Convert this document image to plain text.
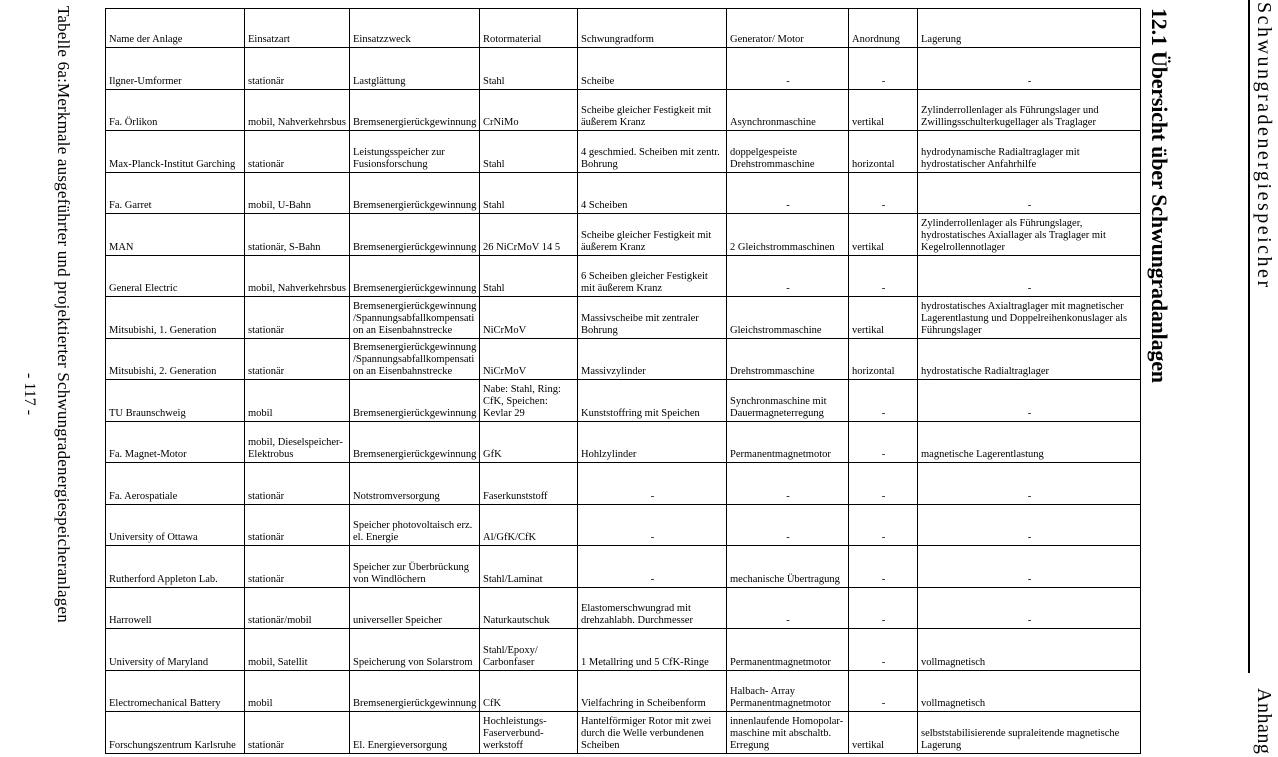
Name der Anlage	Einsatzart	Einsatzzweck	Rotormaterial	Schwungradform	Generator/ Motor	Anordnung	Lagerung
Ilgner-Umformer	stationär	Lastglättung	Stahl	Scheibe	-	-	-
Fa. Örlikon	mobil, Nahverkehrsbus	Bremsenergierückgewinnung	CrNiMo	Scheibe gleicher Festigkeit mit äußerem Kranz	Asynchronmaschine	vertikal	Zylinderrollenlager als Führungslager und Zwillingsschulterkugellager als Traglager
Max-Planck-Institut Garching	stationär	Leistungsspeicher zur Fusionsforschung	Stahl	4 geschmied. Scheiben mit zentr. Bohrung	doppelgespeiste Drehstrommaschine	horizontal	hydrodynamische Radialtraglager mit hydrostatischer Anfahrhilfe
Fa. Garret	mobil, U-Bahn	Bremsenergierückgewinnung	Stahl	4 Scheiben	-	-	-
MAN	stationär, S-Bahn	Bremsenergierückgewinnung	26 NiCrMoV 14 5	Scheibe gleicher Festigkeit mit äußerem Kranz	2 Gleichstrommaschinen	vertikal	Zylinderrollenlager als Führungslager, hydrostatisches Axiallager als Traglager mit Kegelrollennotlager
General Electric	mobil, Nahverkehrsbus	Bremsenergierückgewinnung	Stahl	6 Scheiben gleicher Festigkeit mit äußerem Kranz	-	-	-
Mitsubishi, 1. Generation	stationär	Bremsenergierückgewinnung/Spannungsabfallkompensation an Eisenbahnstrecke	NiCrMoV	Massivscheibe mit zentraler Bohrung	Gleichstrommaschine	vertikal	hydrostatisches Axialtraglager mit magnetischer Lagerentlastung und Doppelreihenkonuslager als Führungslager
Mitsubishi, 2. Generation	stationär	Bremsenergierückgewinnung/Spannungsabfallkompensation an Eisenbahnstrecke	NiCrMoV	Massivzylinder	Drehstrommaschine	horizontal	hydrostatische Radialtraglager
TU Braunschweig	mobil	Bremsenergierückgewinnung	Nabe: Stahl, Ring: CfK, Speichen: Kevlar 29	Kunststoffring mit Speichen	Synchronmaschine mit Dauermagneterregung	-	-
Fa. Magnet-Motor	mobil, Dieselspeicher-Elektrobus	Bremsenergierückgewinnung	GfK	Hohlzylinder	Permanentmagnetmotor	-	magnetische Lagerentlastung
Fa. Aerospatiale	stationär	Notstromversorgung	Faserkunststoff	-	-	-	-
University of Ottawa	stationär	Speicher photovoltaisch erz. el. Energie	Al/GfK/CfK	-	-	-	-
Rutherford Appleton Lab.	stationär	Speicher zur Überbrückung von Windlöchern	Stahl/Laminat	-	mechanische Übertragung	-	-
Harrowell	stationär/mobil	universeller Speicher	Naturkautschuk	Elastomerschwungrad mit drehzahlabh. Durchmesser	-	-	-
University of Maryland	mobil, Satellit	Speicherung von Solarstrom	Stahl/Epoxy/ Carbonfaser	1 Metallring und 5 CfK-Ringe	Permanentmagnetmotor	-	vollmagnetisch
Electromechanical Battery	mobil	Bremsenergierückgewinnung	CfK	Vielfachring in Scheibenform	Halbach- Array Permanentmagnetmotor	-	vollmagnetisch
Forschungszentrum Karlsruhe	stationär	El. Energieversorgung	Hochleistungs- Faserverbund- werkstoff	Hantelförmiger Rotor mit zwei durch die Welle verbundenen Scheiben	innenlaufende Homopolar- maschine mit abschaltb. Erregung	vertikal	selbststabilisierende supraleitende magnetische Lagerung
12.1 Übersicht über Schwungradanlagen	Schwungradenergiespeicher
Anhang
Tabelle 6a:Merkmale ausgeführter und projektierter Schwungradenergiespeicheranlagen
- 117 -
